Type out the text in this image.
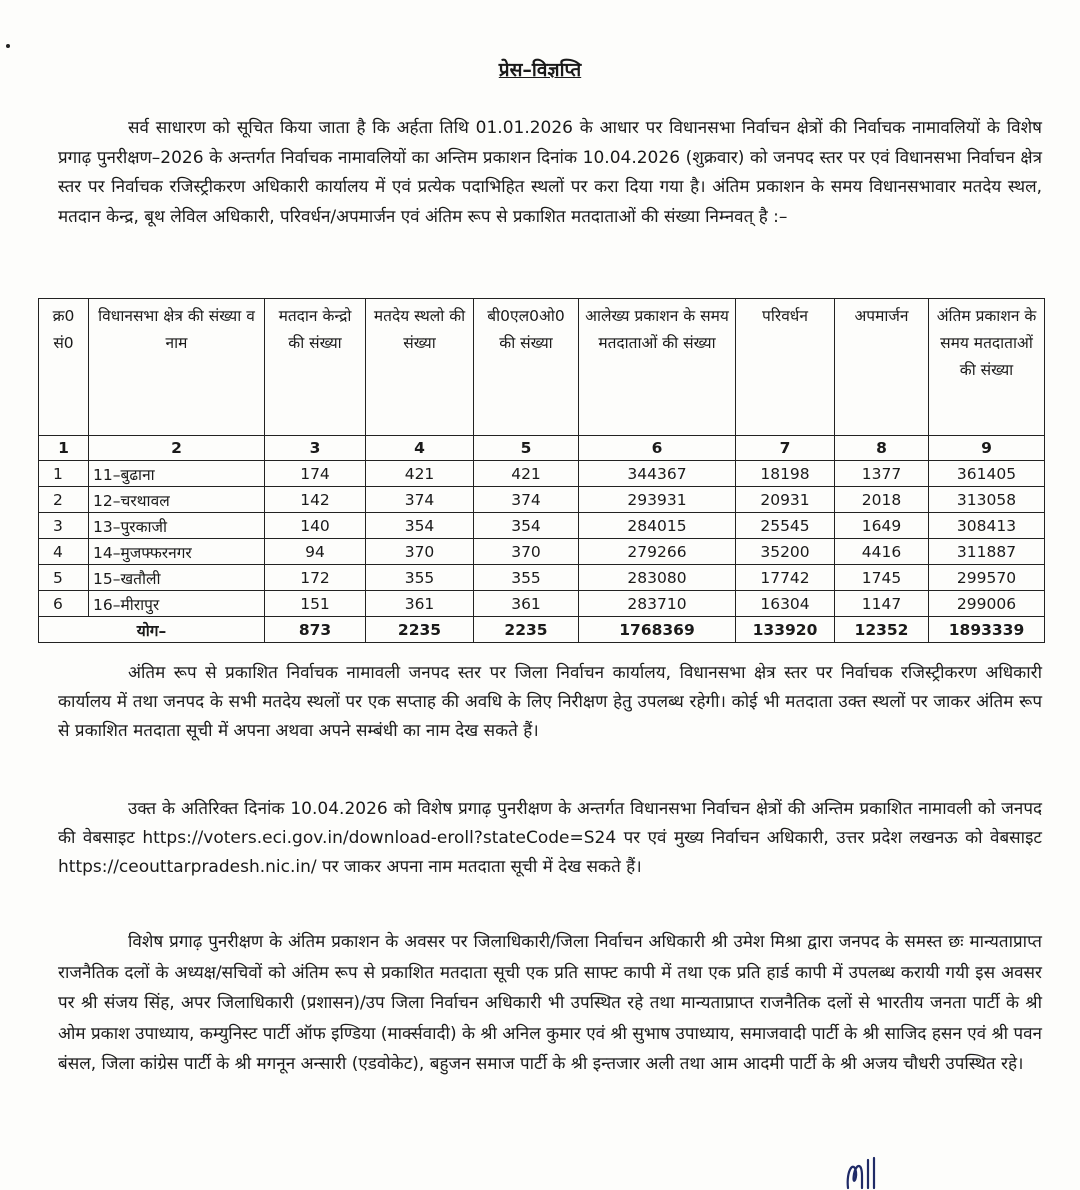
प्रेस–विज्ञप्ति

सर्व साधारण को सूचित किया जाता है कि अर्हता तिथि 01.01.2026 के आधार पर विधानसभा निर्वाचन क्षेत्रों की निर्वाचक नामावलियों के विशेष प्रगाढ़ पुनरीक्षण–2026 के अन्तर्गत निर्वाचक नामावलियों का अन्तिम प्रकाशन दिनांक 10.04.2026 (शुक्रवार) को जनपद स्तर पर एवं विधानसभा निर्वाचन क्षेत्र स्तर पर निर्वाचक रजिस्ट्रीकरण अधिकारी कार्यालय में एवं प्रत्येक पदाभिहित स्थलों पर करा दिया गया है। अंतिम प्रकाशन के समय विधानसभावार मतदेय स्थल, मतदान केन्द्र, बूथ लेविल अधिकारी, परिवर्धन/अपमार्जन एवं अंतिम रूप से प्रकाशित मतदाताओं की संख्या निम्नवत् है :–

क्र0 सं0	विधानसभा क्षेत्र की संख्या व नाम	मतदान केन्द्रो की संख्या	मतदेय स्थलो की संख्या	बी0एल0ओ0 की संख्या	आलेख्य प्रकाशन के समय मतदाताओं की संख्या	परिवर्धन	अपमार्जन	अंतिम प्रकाशन के समय मतदाताओं की संख्या
1	2	3	4	5	6	7	8	9
1	11–बुढाना	174	421	421	344367	18198	1377	361405
2	12–चरथावल	142	374	374	293931	20931	2018	313058
3	13–पुरकाजी	140	354	354	284015	25545	1649	308413
4	14–मुजफ्फरनगर	94	370	370	279266	35200	4416	311887
5	15–खतौली	172	355	355	283080	17742	1745	299570
6	16–मीरापुर	151	361	361	283710	16304	1147	299006
योग–		873	2235	2235	1768369	133920	12352	1893339

अंतिम रूप से प्रकाशित निर्वाचक नामावली जनपद स्तर पर जिला निर्वाचन कार्यालय, विधानसभा क्षेत्र स्तर पर निर्वाचक रजिस्ट्रीकरण अधिकारी कार्यालय में तथा जनपद के सभी मतदेय स्थलों पर एक सप्ताह की अवधि के लिए निरीक्षण हेतु उपलब्ध रहेगी। कोई भी मतदाता उक्त स्थलों पर जाकर अंतिम रूप से प्रकाशित मतदाता सूची में अपना अथवा अपने सम्बंधी का नाम देख सकते हैं।

उक्त के अतिरिक्त दिनांक 10.04.2026 को विशेष प्रगाढ़ पुनरीक्षण के अन्तर्गत विधानसभा निर्वाचन क्षेत्रों की अन्तिम प्रकाशित नामावली को जनपद की वेबसाइट https://voters.eci.gov.in/download-eroll?stateCode=S24 पर एवं मुख्य निर्वाचन अधिकारी, उत्तर प्रदेश लखनऊ को वेबसाइट https://ceouttarpradesh.nic.in/ पर जाकर अपना नाम मतदाता सूची में देख सकते हैं।

विशेष प्रगाढ़ पुनरीक्षण के अंतिम प्रकाशन के अवसर पर जिलाधिकारी/जिला निर्वाचन अधिकारी श्री उमेश मिश्रा द्वारा जनपद के समस्त छः मान्यताप्राप्त राजनैतिक दलों के अध्यक्ष/सचिवों को अंतिम रूप से प्रकाशित मतदाता सूची एक प्रति साफ्ट कापी में तथा एक प्रति हार्ड कापी में उपलब्ध करायी गयी इस अवसर पर श्री संजय सिंह, अपर जिलाधिकारी (प्रशासन)/उप जिला निर्वाचन अधिकारी भी उपस्थित रहे तथा मान्यताप्राप्त राजनैतिक दलों से भारतीय जनता पार्टी के श्री ओम प्रकाश उपाध्याय, कम्युनिस्ट पार्टी ऑफ इण्डिया (मार्क्सवादी) के श्री अनिल कुमार एवं श्री सुभाष उपाध्याय, समाजवादी पार्टी के श्री साजिद हसन एवं श्री पवन बंसल, जिला कांग्रेस पार्टी के श्री मगनून अन्सारी (एडवोकेट), बहुजन समाज पार्टी के श्री इन्तजार अली तथा आम आदमी पार्टी के श्री अजय चौधरी उपस्थित रहे।
